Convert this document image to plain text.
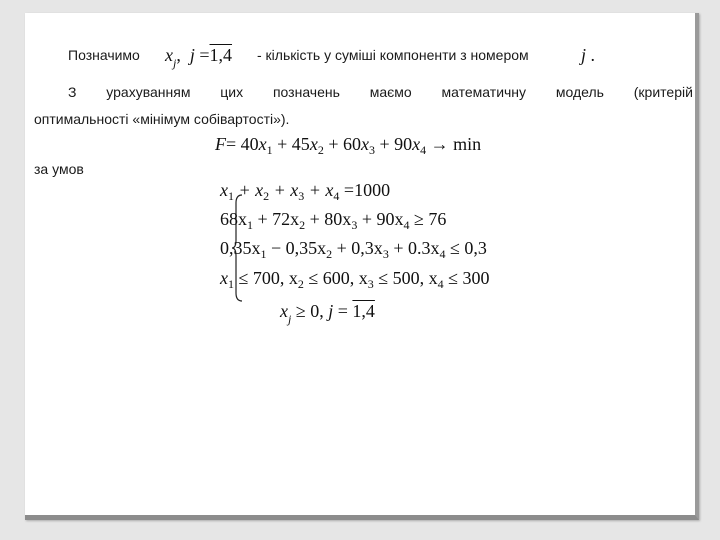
Позначимо $x_j$, j =1,4 - кількість у суміші компоненти з номером	j .
З урахуванням цих позначень маємо математичну модель (критерій
оптимальності «мінімум собівартості»).
$F= 40x_1 + 45x_2 + 60x_3 + 90x_4 \to \min$
за умов
$x_1 + x_2 + x_3 + x_4 =1000$
$68x_1 + 72x_2 + 80x_3 + 90x_4 \ge 76$
$0,35x_1 - 0,35x_2 + 0,3x_3 + 0.3x_4 \le 0,3$
$x_1 \le 700$, $x_2 \le 600$, $x_3 \le 500$, $x_4 \le 300$
$x_j \ge 0$, j = 1,4
